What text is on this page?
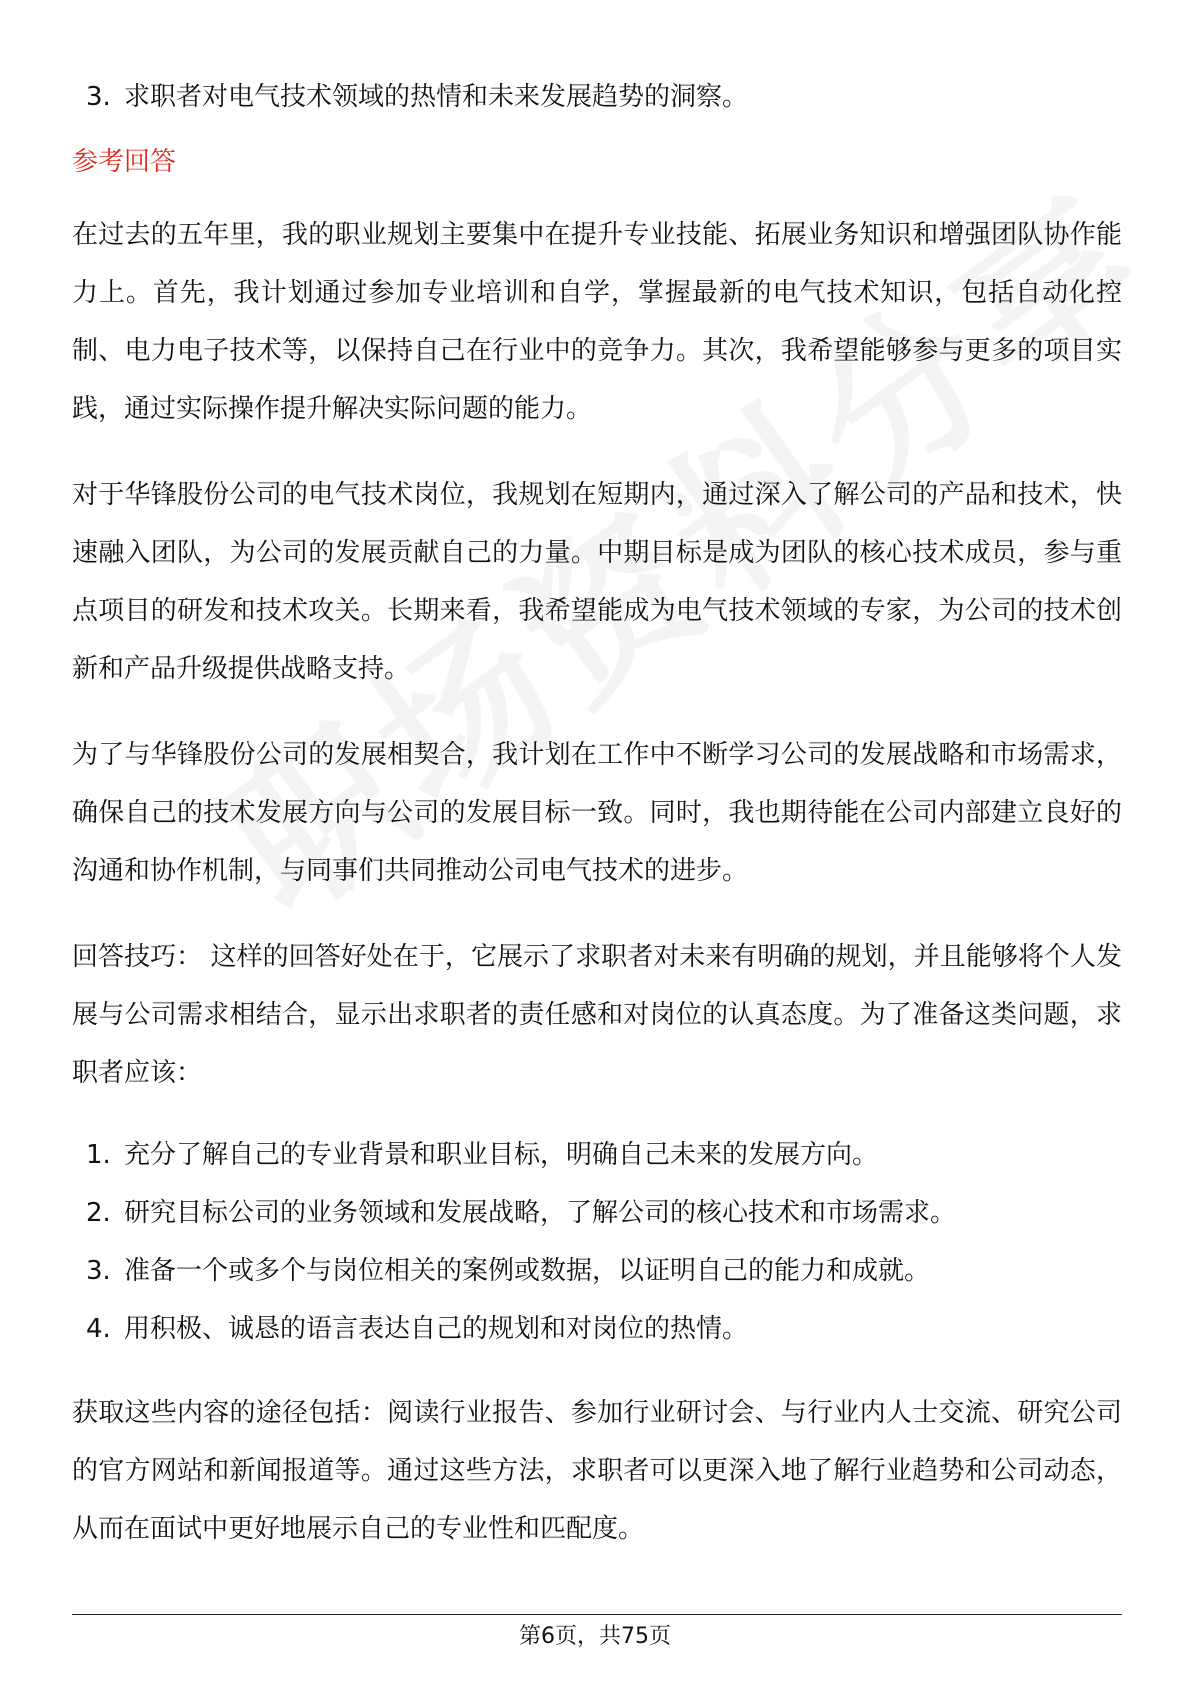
3. 求职者对电气技术领域的热情和未来发展趋势的洞察。
参考回答

在过去的五年里，我的职业规划主要集中在提升专业技能、拓展业务知识和增强团队协作能力上。首先，我计划通过参加专业培训和自学，掌握最新的电气技术知识，包括自动化控制、电力电子技术等，以保持自己在行业中的竞争力。其次，我希望能够参与更多的项目实践，通过实际操作提升解决实际问题的能力。

对于华锋股份公司的电气技术岗位，我规划在短期内，通过深入了解公司的产品和技术，快速融入团队，为公司的发展贡献自己的力量。中期目标是成为团队的核心技术成员，参与重点项目的研发和技术攻关。长期来看，我希望能成为电气技术领域的专家，为公司的技术创新和产品升级提供战略支持。

为了与华锋股份公司的发展相契合，我计划在工作中不断学习公司的发展战略和市场需求，确保自己的技术发展方向与公司的发展目标一致。同时，我也期待能在公司内部建立良好的沟通和协作机制，与同事们共同推动公司电气技术的进步。

回答技巧： 这样的回答好处在于，它展示了求职者对未来有明确的规划，并且能够将个人发展与公司需求相结合，显示出求职者的责任感和对岗位的认真态度。为了准备这类问题，求职者应该：

1. 充分了解自己的专业背景和职业目标，明确自己未来的发展方向。
2. 研究目标公司的业务领域和发展战略，了解公司的核心技术和市场需求。
3. 准备一个或多个与岗位相关的案例或数据，以证明自己的能力和成就。
4. 用积极、诚恳的语言表达自己的规划和对岗位的热情。

获取这些内容的途径包括：阅读行业报告、参加行业研讨会、与行业内人士交流、研究公司的官方网站和新闻报道等。通过这些方法，求职者可以更深入地了解行业趋势和公司动态，从而在面试中更好地展示自己的专业性和匹配度。

第6页，共75页
